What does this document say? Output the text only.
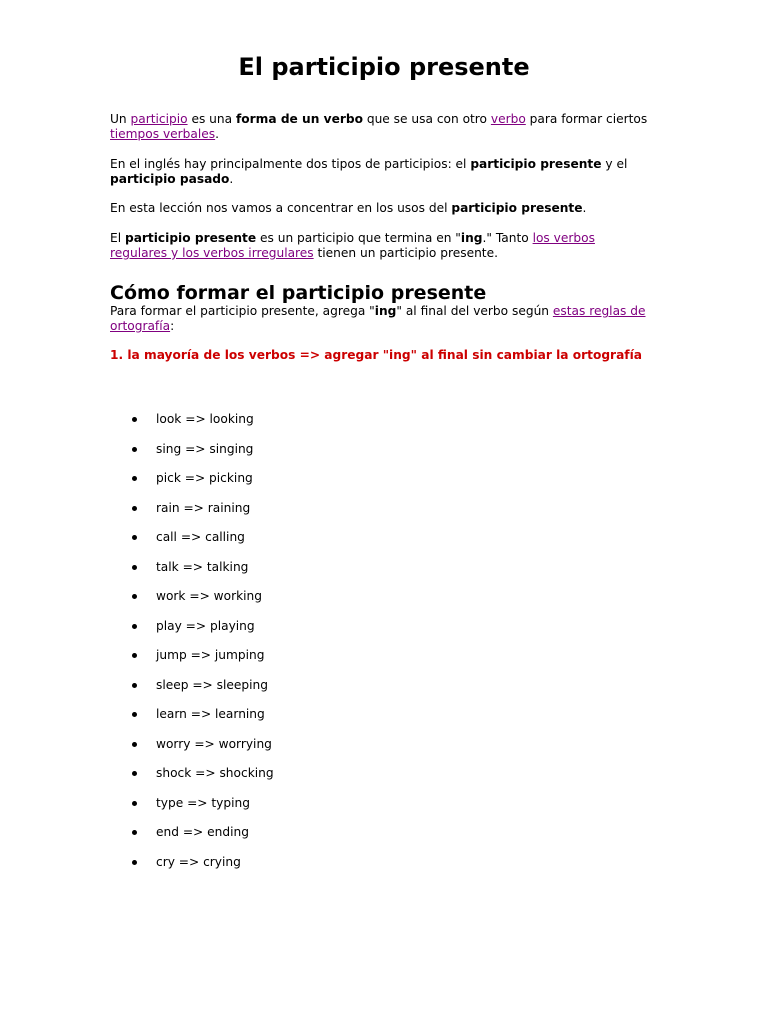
El participio presente

Un participio es una forma de un verbo que se usa con otro verbo para formar ciertos tiempos verbales.

En el inglés hay principalmente dos tipos de participios: el participio presente y el participio pasado.

En esta lección nos vamos a concentrar en los usos del participio presente.

El participio presente es un participio que termina en "ing." Tanto los verbos regulares y los verbos irregulares tienen un participio presente.

Cómo formar el participio presente

Para formar el participio presente, agrega "ing" al final del verbo según estas reglas de ortografía:

1. la mayoría de los verbos => agregar "ing" al final sin cambiar la ortografía

look => looking
sing => singing
pick => picking
rain => raining
call => calling
talk => talking
work => working
play => playing
jump => jumping
sleep => sleeping
learn => learning
worry => worrying
shock => shocking
type => typing
end => ending
cry => crying
